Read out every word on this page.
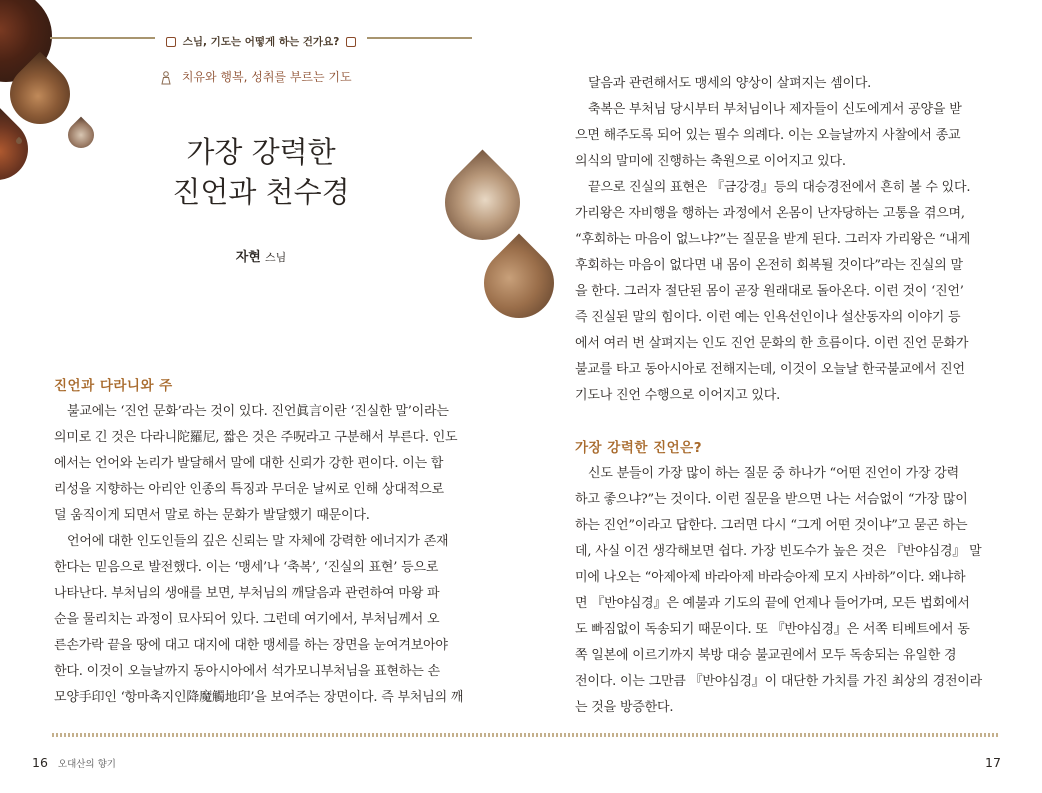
스님, 기도는 어떻게 하는 건가요?
치유와 행복, 성취를 부르는 기도
가장 강력한
진언과 천수경
자현 스님
진언과 다라니와 주

불교에는 ‘진언 문화’라는 것이 있다. 진언眞言이란 ‘진실한 말’이라는
의미로 긴 것은 다라니陀羅尼, 짧은 것은 주呪라고 구분해서 부른다. 인도
에서는 언어와 논리가 발달해서 말에 대한 신뢰가 강한 편이다. 이는 합
리성을 지향하는 아리안 인종의 특징과 무더운 날씨로 인해 상대적으로
덜 움직이게 되면서 말로 하는 문화가 발달했기 때문이다.

언어에 대한 인도인들의 깊은 신뢰는 말 자체에 강력한 에너지가 존재
한다는 믿음으로 발전했다. 이는 ‘맹세’나 ‘축복’, ‘진실의 표현’ 등으로
나타난다. 부처님의 생애를 보면, 부처님의 깨달음과 관련하여 마왕 파
순을 물리치는 과정이 묘사되어 있다. 그런데 여기에서, 부처님께서 오
른손가락 끝을 땅에 대고 대지에 대한 맹세를 하는 장면을 눈여겨보아야
한다. 이것이 오늘날까지 동아시아에서 석가모니부처님을 표현하는 손
모양手印인 ‘항마촉지인降魔觸地印’을 보여주는 장면이다. 즉 부처님의 깨

달음과 관련해서도 맹세의 양상이 살펴지는 셈이다.

축복은 부처님 당시부터 부처님이나 제자들이 신도에게서 공양을 받
으면 해주도록 되어 있는 필수 의례다. 이는 오늘날까지 사찰에서 종교
의식의 말미에 진행하는 축원으로 이어지고 있다.

끝으로 진실의 표현은 『금강경』등의 대승경전에서 흔히 볼 수 있다.
가리왕은 자비행을 행하는 과정에서 온몸이 난자당하는 고통을 겪으며,
“후회하는 마음이 없느냐?”는 질문을 받게 된다. 그러자 가리왕은 “내게
후회하는 마음이 없다면 내 몸이 온전히 회복될 것이다”라는 진실의 말
을 한다. 그러자 절단된 몸이 곧장 원래대로 돌아온다. 이런 것이 ‘진언’
즉 진실된 말의 힘이다. 이런 예는 인욕선인이나 설산동자의 이야기 등
에서 여러 번 살펴지는 인도 진언 문화의 한 흐름이다. 이런 진언 문화가
불교를 타고 동아시아로 전해지는데, 이것이 오늘날 한국불교에서 진언
기도나 진언 수행으로 이어지고 있다.

가장 강력한 진언은?

신도 분들이 가장 많이 하는 질문 중 하나가 “어떤 진언이 가장 강력
하고 좋으냐?”는 것이다. 이런 질문을 받으면 나는 서슴없이 “가장 많이
하는 진언”이라고 답한다. 그러면 다시 “그게 어떤 것이냐”고 묻곤 하는
데, 사실 이건 생각해보면 쉽다. 가장 빈도수가 높은 것은 『반야심경』 말
미에 나오는 “아제아제 바라아제 바라승아제 모지 사바하”이다. 왜냐하
면 『반야심경』은 예불과 기도의 끝에 언제나 들어가며, 모든 법회에서
도 빠짐없이 독송되기 때문이다. 또 『반야심경』은 서쪽 티베트에서 동
쪽 일본에 이르기까지 북방 대승 불교권에서 모두 독송되는 유일한 경
전이다. 이는 그만큼 『반야심경』이 대단한 가치를 가진 최상의 경전이라
는 것을 방증한다.

16 오대산의 향기	17
